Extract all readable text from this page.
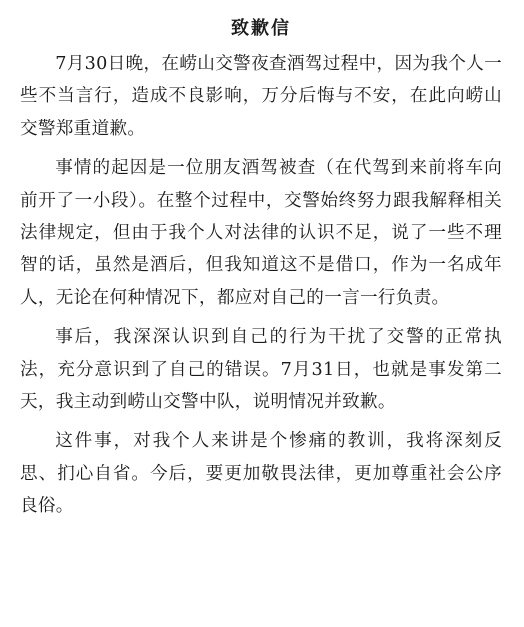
致歉信

7月30日晚，在崂山交警夜查酒驾过程中，因为我个人一些不当言行，造成不良影响，万分后悔与不安，在此向崂山交警郑重道歉。

事情的起因是一位朋友酒驾被查（在代驾到来前将车向前开了一小段）。在整个过程中，交警始终努力跟我解释相关法律规定，但由于我个人对法律的认识不足，说了一些不理智的话，虽然是酒后，但我知道这不是借口，作为一名成年人，无论在何种情况下，都应对自己的一言一行负责。

事后，我深深认识到自己的行为干扰了交警的正常执法，充分意识到了自己的错误。7月31日，也就是事发第二天，我主动到崂山交警中队，说明情况并致歉。

这件事，对我个人来讲是个惨痛的教训，我将深刻反思、扪心自省。今后，要更加敬畏法律，更加尊重社会公序良俗。
